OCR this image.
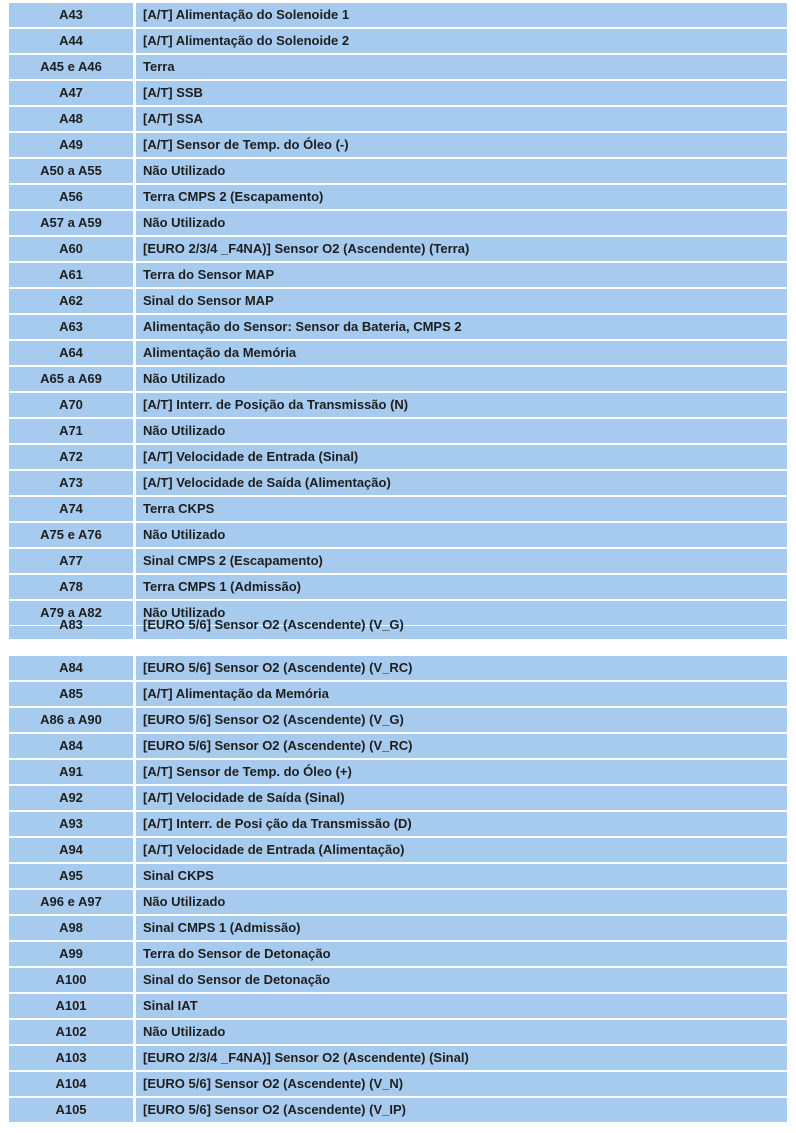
A43	[A/T] Alimentação do Solenoide 1
A44	[A/T] Alimentação do Solenoide 2
A45 e A46	Terra
A47	[A/T] SSB
A48	[A/T] SSA
A49	[A/T] Sensor de Temp. do Óleo (-)
A50 a A55	Não Utilizado
A56	Terra CMPS 2 (Escapamento)
A57 a A59	Não Utilizado
A60	[EURO 2/3/4 _F4NA)] Sensor O2 (Ascendente) (Terra)
A61	Terra do Sensor MAP
A62	Sinal do Sensor MAP
A63	Alimentação do Sensor: Sensor da Bateria, CMPS 2
A64	Alimentação da Memória
A65 a A69	Não Utilizado
A70	[A/T] Interr. de Posição da Transmissão (N)
A71	Não Utilizado
A72	[A/T] Velocidade de Entrada (Sinal)
A73	[A/T] Velocidade de Saída (Alimentação)
A74	Terra CKPS
A75 e A76	Não Utilizado
A77	Sinal CMPS 2 (Escapamento)
A78	Terra CMPS 1 (Admissão)
A79 a A82	Não Utilizado
A83	[EURO 5/6] Sensor O2 (Ascendente) (V_G)
A84	[EURO 5/6] Sensor O2 (Ascendente) (V_RC)
A85	[A/T] Alimentação da Memória
A86 a A90	[EURO 5/6] Sensor O2 (Ascendente) (V_G)
A84	[EURO 5/6] Sensor O2 (Ascendente) (V_RC)
A91	[A/T] Sensor de Temp. do Óleo (+)
A92	[A/T] Velocidade de Saída (Sinal)
A93	[A/T] Interr. de Posi ção da Transmissão (D)
A94	[A/T] Velocidade de Entrada (Alimentação)
A95	Sinal CKPS
A96 e A97	Não Utilizado
A98	Sinal CMPS 1 (Admissão)
A99	Terra do Sensor de Detonação
A100	Sinal do Sensor de Detonação
A101	Sinal IAT
A102	Não Utilizado
A103	[EURO 2/3/4 _F4NA)] Sensor O2 (Ascendente) (Sinal)
A104	[EURO 5/6] Sensor O2 (Ascendente) (V_N)
A105	[EURO 5/6] Sensor O2 (Ascendente) (V_IP)
